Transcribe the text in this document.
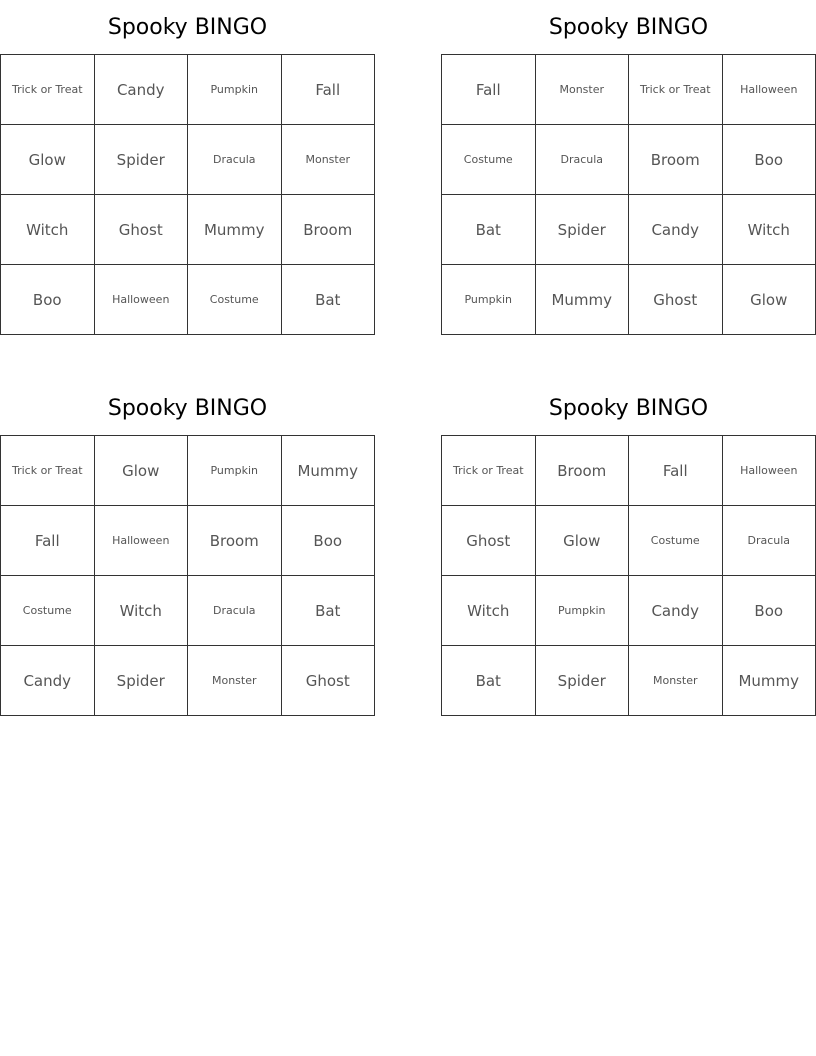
Spooky BINGO
Trick or Treat	Candy	Pumpkin	Fall
Glow	Spider	Dracula	Monster
Witch	Ghost	Mummy	Broom
Boo	Halloween	Costume	Bat
Spooky BINGO
Fall	Monster	Trick or Treat	Halloween
Costume	Dracula	Broom	Boo
Bat	Spider	Candy	Witch
Pumpkin	Mummy	Ghost	Glow
Spooky BINGO
Trick or Treat	Glow	Pumpkin	Mummy
Fall	Halloween	Broom	Boo
Costume	Witch	Dracula	Bat
Candy	Spider	Monster	Ghost
Spooky BINGO
Trick or Treat	Broom	Fall	Halloween
Ghost	Glow	Costume	Dracula
Witch	Pumpkin	Candy	Boo
Bat	Spider	Monster	Mummy
